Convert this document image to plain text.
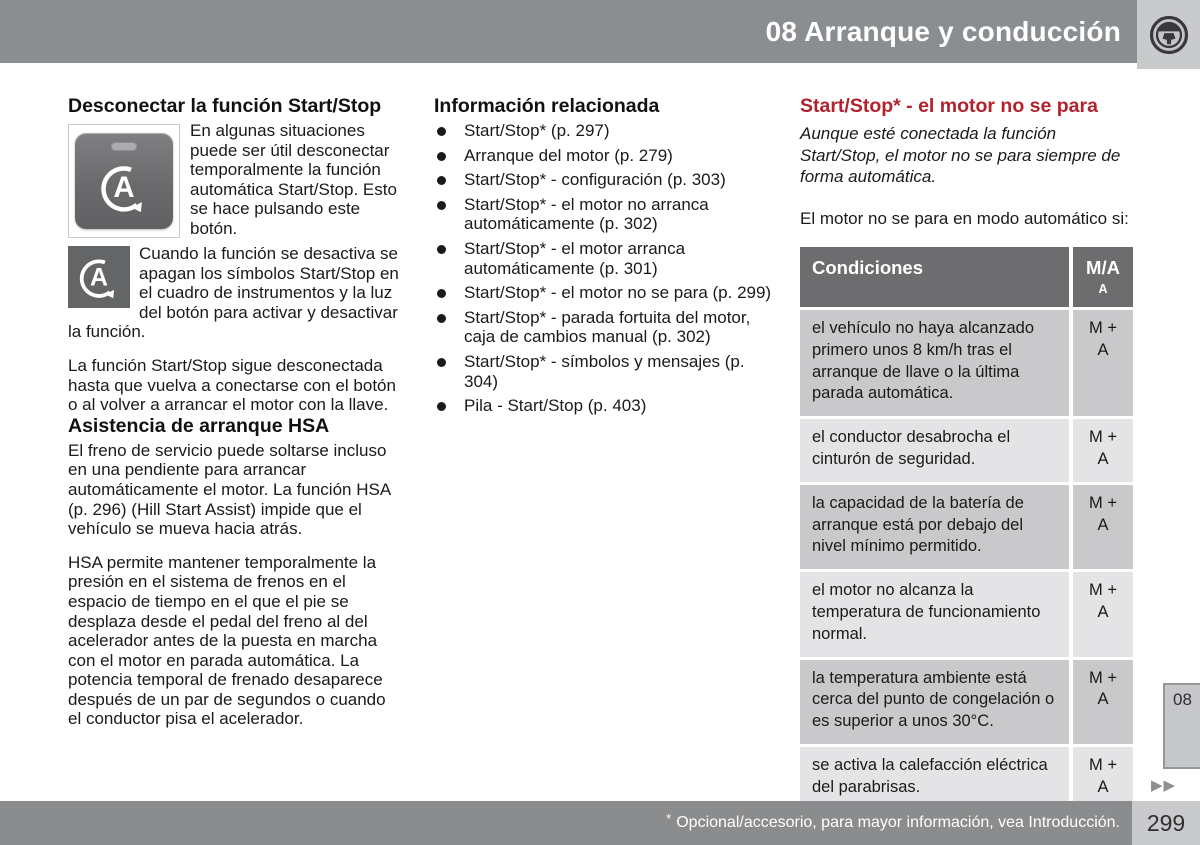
08 Arranque y conducción
Desconectar la función Start/Stop

En algunas situaciones puede ser útil desconectar temporalmente la función automática Start/Stop. Esto se hace pulsando este botón.

Cuando la función se desactiva se apagan los símbolos Start/Stop en el cuadro de instrumentos y la luz del botón para activar y desactivar la función.

La función Start/Stop sigue desconectada hasta que vuelva a conectarse con el botón o al volver a arrancar el motor con la llave.

Asistencia de arranque HSA

El freno de servicio puede soltarse incluso en una pendiente para arrancar automáticamente el motor. La función HSA (p. 296) (Hill Start Assist) impide que el vehículo se mueva hacia atrás.

HSA permite mantener temporalmente la presión en el sistema de frenos en el espacio de tiempo en el que el pie se desplaza desde el pedal del freno al del acelerador antes de la puesta en marcha con el motor en parada automática. La potencia temporal de frenado desaparece después de un par de segundos o cuando el conductor pisa el acelerador.

Información relacionada
Start/Stop* (p. 297)
Arranque del motor (p. 279)
Start/Stop* - configuración (p. 303)
Start/Stop* - el motor no arranca automáticamente (p. 302)
Start/Stop* - el motor arranca automáticamente (p. 301)
Start/Stop* - el motor no se para (p. 299)
Start/Stop* - parada fortuita del motor, caja de cambios manual (p. 302)
Start/Stop* - símbolos y mensajes (p. 304)
Pila - Start/Stop (p. 403)
Start/Stop* - el motor no se para

Aunque esté conectada la función Start/Stop, el motor no se para siempre de forma automática.

El motor no se para en modo automático si:

Condiciones	M/A
A
el vehículo no haya alcanzado primero unos 8 km/h tras el arranque de llave o la última parada automática.
M + A
el conductor desabrocha el cinturón de seguridad.
M + A
la capacidad de la batería de arranque está por debajo del nivel mínimo permitido.
M + A
el motor no alcanza la temperatura de funcionamiento normal.
M + A
la temperatura ambiente está cerca del punto de congelación o es superior a unos 30°C.
M + A
se activa la calefacción eléctrica del parabrisas.
M + A
08
▶▶
* Opcional/accesorio, para mayor información, vea Introducción.	299
